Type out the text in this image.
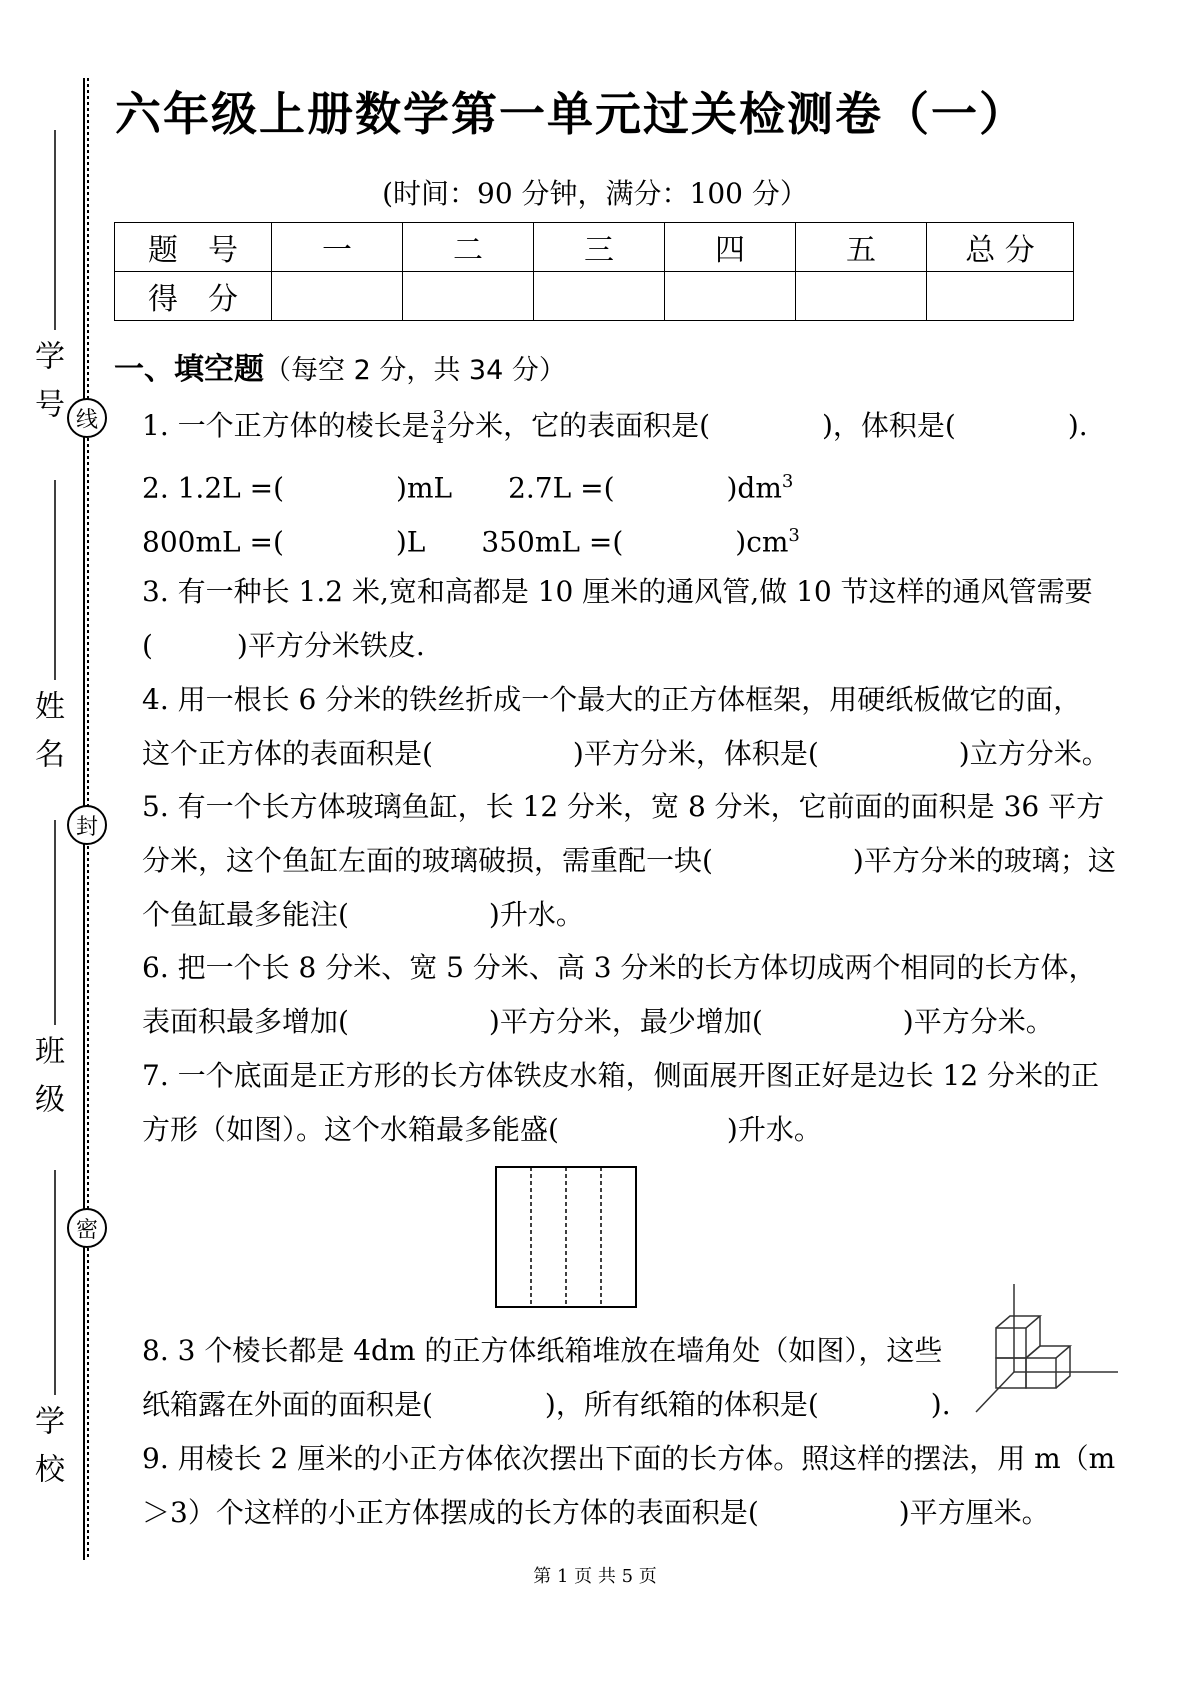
学号
姓名
班级
学校
线
封
密
六年级上册数学第一单元过关检测卷（一）
(时间：90 分钟，满分：100 分）
题　号	一	二	三	四	五	总 分
得　分						
一、填空题（每空 2 分，共 34 分）
1. 一个正方体的棱长是 $\frac{3}{4}$ 分米，它的表面积是(　　　　)，体积是(　　　　).
2. 1.2L =(　　　　)mL　　2.7L =(　　　　)$dm^3$
800mL =(　　　　)L　　350mL =(　　　　)$cm^3$
3. 有一种长 1.2 米,宽和高都是 10 厘米的通风管,做 10 节这样的通风管需要
(　　　)平方分米铁皮.
4. 用一根长 6 分米的铁丝折成一个最大的正方体框架，用硬纸板做它的面，
这个正方体的表面积是(　　　　　)平方分米，体积是(　　　　　)立方分米。
5. 有一个长方体玻璃鱼缸，长 12 分米，宽 8 分米，它前面的面积是 36 平方
分米，这个鱼缸左面的玻璃破损，需重配一块(　　　　　)平方分米的玻璃；这
个鱼缸最多能注(　　　　　)升水。
6. 把一个长 8 分米、宽 5 分米、高 3 分米的长方体切成两个相同的长方体，
表面积最多增加(　　　　　)平方分米，最少增加(　　　　　)平方分米。
7. 一个底面是正方形的长方体铁皮水箱，侧面展开图正好是边长 12 分米的正
方形（如图）。这个水箱最多能盛(　　　　　　)升水。
8. 3 个棱长都是 4dm 的正方体纸箱堆放在墙角处（如图），这些
纸箱露在外面的面积是(　　　　)，所有纸箱的体积是(　　　　).
9. 用棱长 2 厘米的小正方体依次摆出下面的长方体。照这样的摆法，用 m（m
＞3）个这样的小正方体摆成的长方体的表面积是(　　　　　)平方厘米。
第 1 页 共 5 页
